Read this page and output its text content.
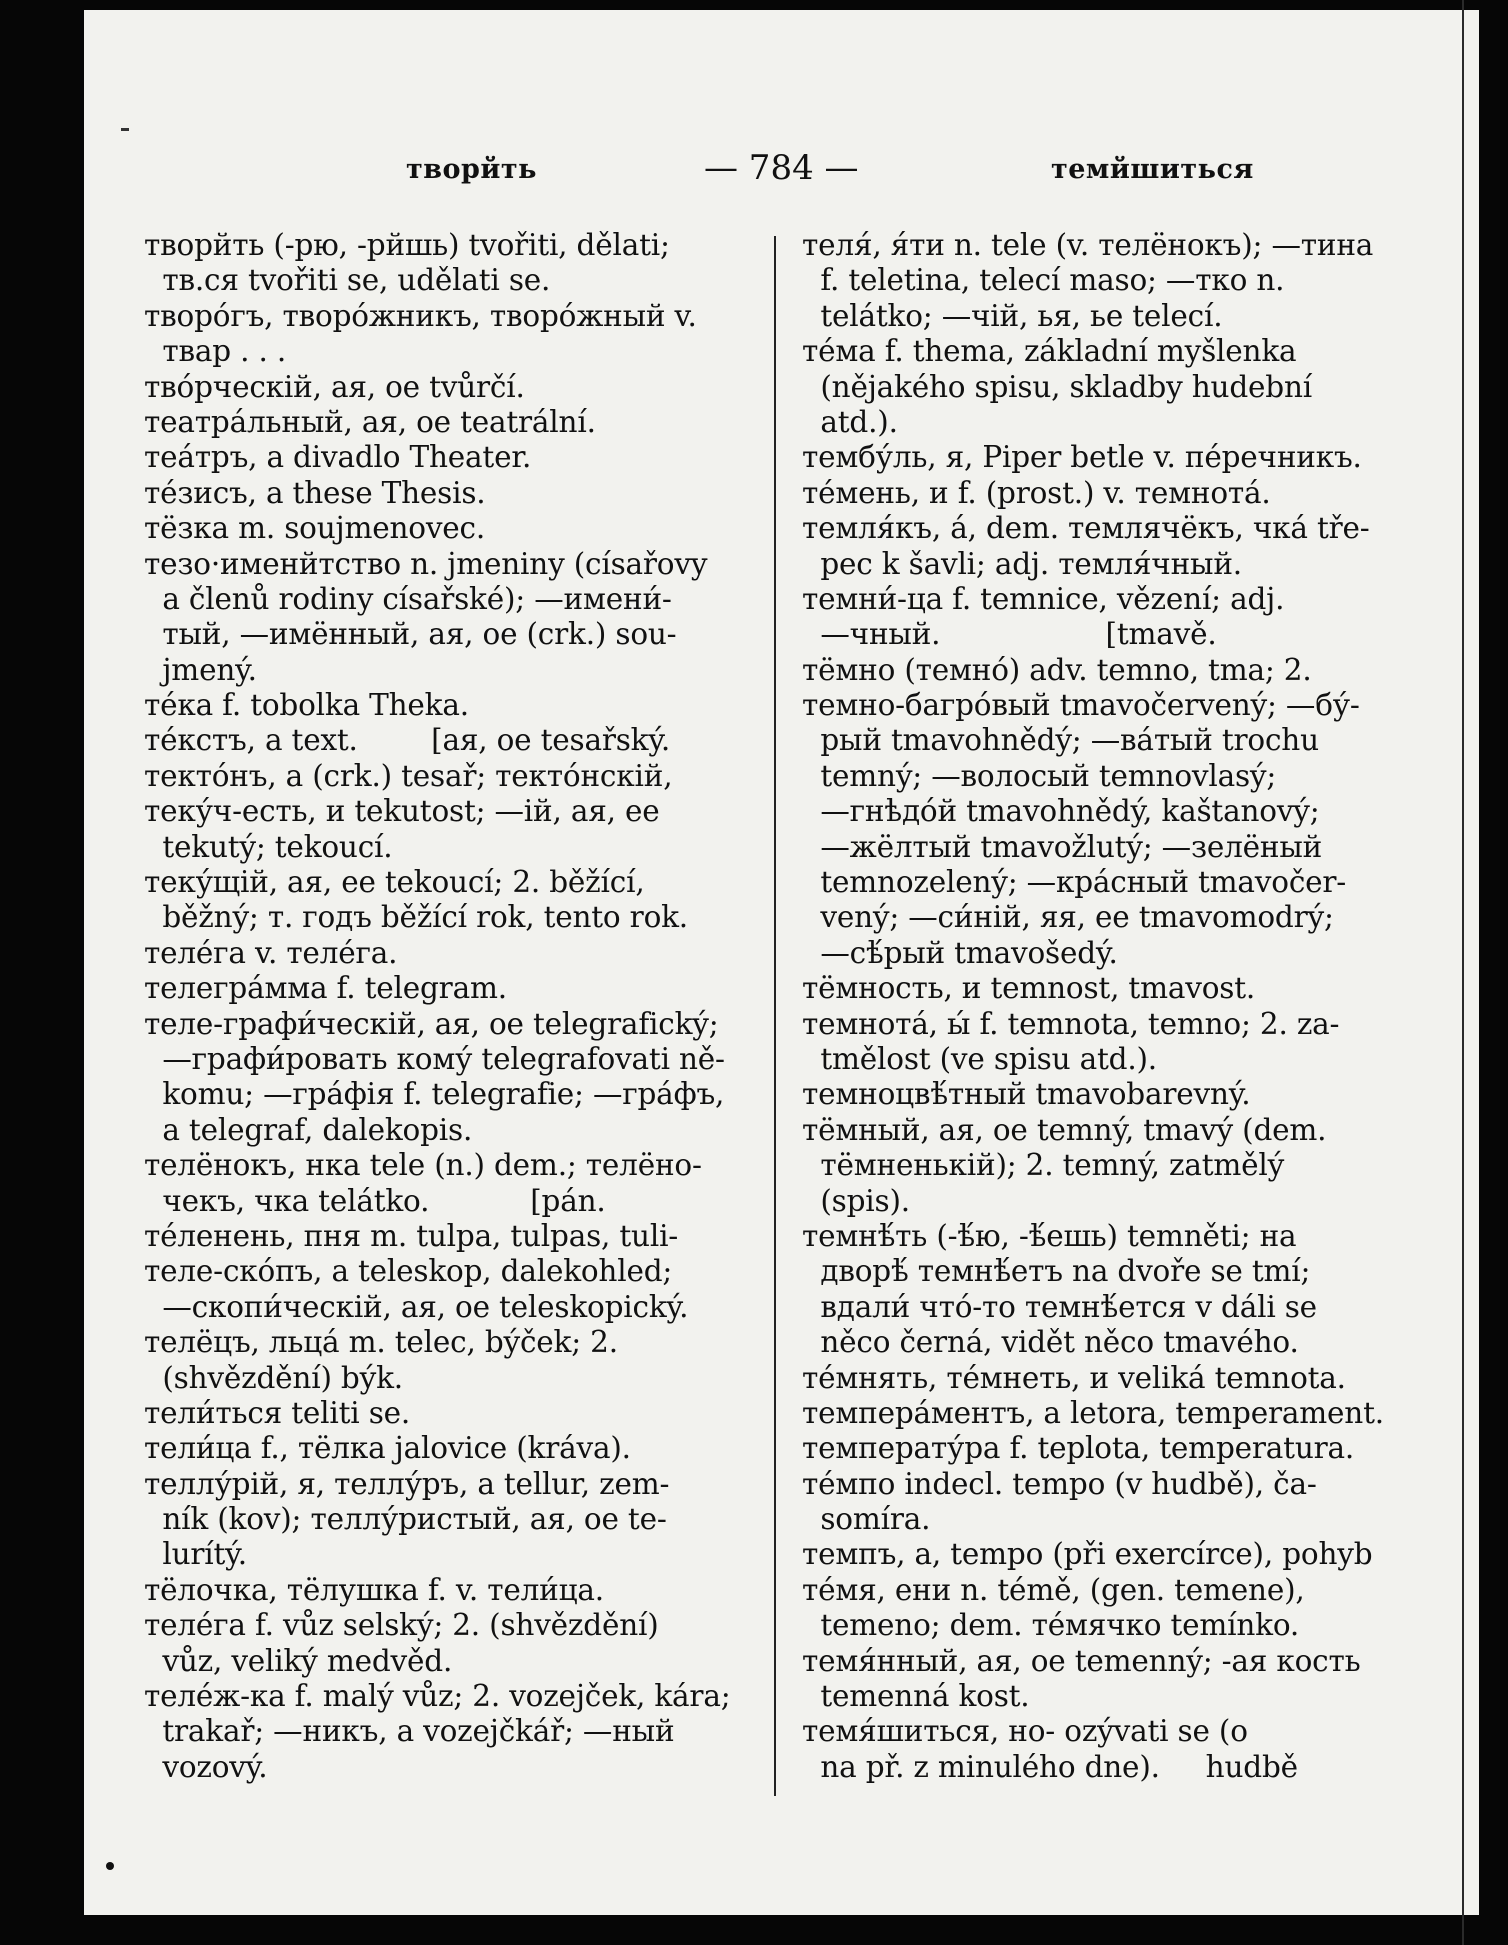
творйть	— 784 —	темйшиться
творйть (-рю, -рйшь) tvořiti, dělati;
тв.ся tvořiti se, udělati se.
творо́гъ, творо́жникъ, творо́жный v.
твар . . .
тво́рческій, ая, ое tvůrčí.
театра́льный, ая, ое teatrální.
теа́тръ, а divadlo Theater.
те́зисъ, а these Thesis.
тёзка m. soujmenovec.
тезо·именйтство n. jmeniny (císařovy
a členů rodiny císařské); —имени́-
тый, —имённый, ая, ое (crk.) sou-
jmený.
те́ка f. tobolka Theka.
те́кстъ, а text.        [ая, ое tesařský.
текто́нъ, а (crk.) tesař; текто́нскій,
теку́ч-есть, и tekutost; —ій, ая, ее
tekutý; tekoucí.
теку́щій, ая, ее tekoucí; 2. běžící,
běžný; т. годъ běžící rok, tento rok.
теле́га v. теле́га.
телегра́мма f. telegram.
теле-графи́ческій, ая, ое telegrafický;
—графи́ровать кому́ telegrafovati ně-
komu; —гра́фія f. telegrafie; —гра́фъ,
a telegraf, dalekopis.
телёнокъ, нка tele (n.) dem.; телёно-
чекъ, чка telátko.           [pán.
те́ленень, пня m. tulpa, tulpas, tuli-
теле-ско́пъ, а teleskop, dalekohled;
—скопи́ческій, ая, ое teleskopický.
телёцъ, льца́ m. telec, býček; 2.
(shvězdění) býk.
тели́ться teliti se.
тели́ца f., тёлка jalovice (kráva).
теллу́рій, я, теллу́ръ, а tellur, zem-
ník (kov); теллу́ристый, ая, ое te-
lurítý.
тёлочка, тёлушка f. v. тели́ца.
теле́га f. vůz selský; 2. (shvězdění)
vůz, veliký medvěd.
теле́ж-ка f. malý vůz; 2. vozejček, kára;
trakař; —никъ, а vozejčkář; —ный
vozový.
теля́, я́ти n. tele (v. телёнокъ); —тина
f. teletina, telecí maso; —тко n.
telátko; —чій, ья, ье telecí.
те́ма f. thema, základní myšlenka
(nějakého spisu, skladby hudební
atd.).
тембу́ль, я, Piper betle v. пе́речникъ.
те́мень, и f. (prost.) v. темнота́.
темля́къ, а́, dem. темлячёкъ, чка́ tře-
pec k šavli; adj. темля́чный.
темни́-ца f. temnice, vězení; adj.
—чный.                  [tmavě.
тёмно (темно́) adv. temno, tma; 2.
темно-багро́вый tmavočervený; —бу́-
рый tmavohnědý; —ва́тый trochu
temný; —волосый temnovlasý;
—гнѣдо́й tmavohnědý, kaštanový;
—жёлтый tmavožlutý; —зелёный
temnozelený; —кра́сный tmavočer-
vený; —си́ній, яя, ее tmavomodrý;
—сѣ́рый tmavošedý.
тёмность, и temnost, tmavost.
темнота́, ы́ f. temnota, temno; 2. za-
tmělost (ve spisu atd.).
темноцвѣ́тный tmavobarevný.
тёмный, ая, ое temný, tmavý (dem.
тёмненькій); 2. temný, zatmělý
(spis).
темнѣ́ть (-ѣ́ю, -ѣ́ешь) temněti; на
дворѣ́ темнѣ́етъ na dvoře se tmí;
вдали́ что́-то темнѣ́ется v dáli se
něco černá, vidět něco tmavého.
те́мнять, те́мнеть, и veliká temnota.
темпера́ментъ, а letora, temperament.
температу́ра f. teplota, temperatura.
те́мпо indecl. tempo (v hudbě), ča-
somíra.
темпъ, а, tempo (při exercírce), pohyb
те́мя, ени n. témě, (gen. temene),
temeno; dem. те́мячко temínko.
темя́нный, ая, ое temenný; -ая кость
temenná kost.
темя́шиться, но- ozývati se (o
na př. z minulého dne).     hudbě
